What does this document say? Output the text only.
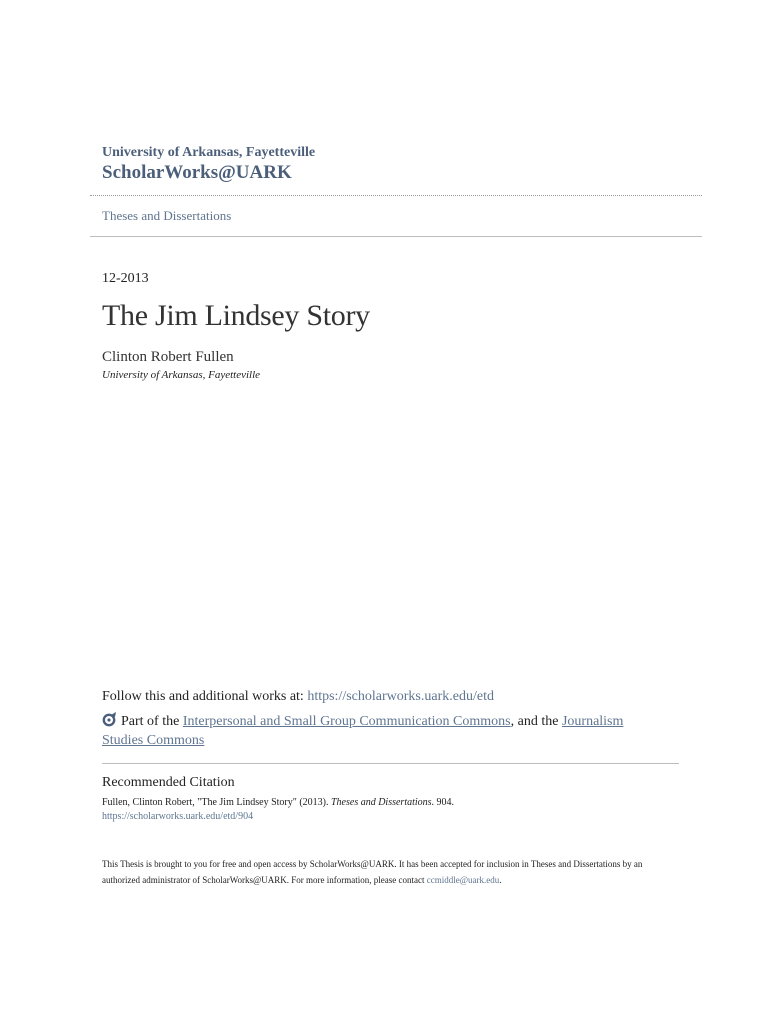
University of Arkansas, Fayetteville
ScholarWorks@UARK
Theses and Dissertations
12-2013
The Jim Lindsey Story
Clinton Robert Fullen
University of Arkansas, Fayetteville
Follow this and additional works at: https://scholarworks.uark.edu/etd
Part of the Interpersonal and Small Group Communication Commons, and the Journalism Studies Commons
Recommended Citation
Fullen, Clinton Robert, "The Jim Lindsey Story" (2013). Theses and Dissertations. 904.
https://scholarworks.uark.edu/etd/904
This Thesis is brought to you for free and open access by ScholarWorks@UARK. It has been accepted for inclusion in Theses and Dissertations by an authorized administrator of ScholarWorks@UARK. For more information, please contact ccmiddle@uark.edu.
